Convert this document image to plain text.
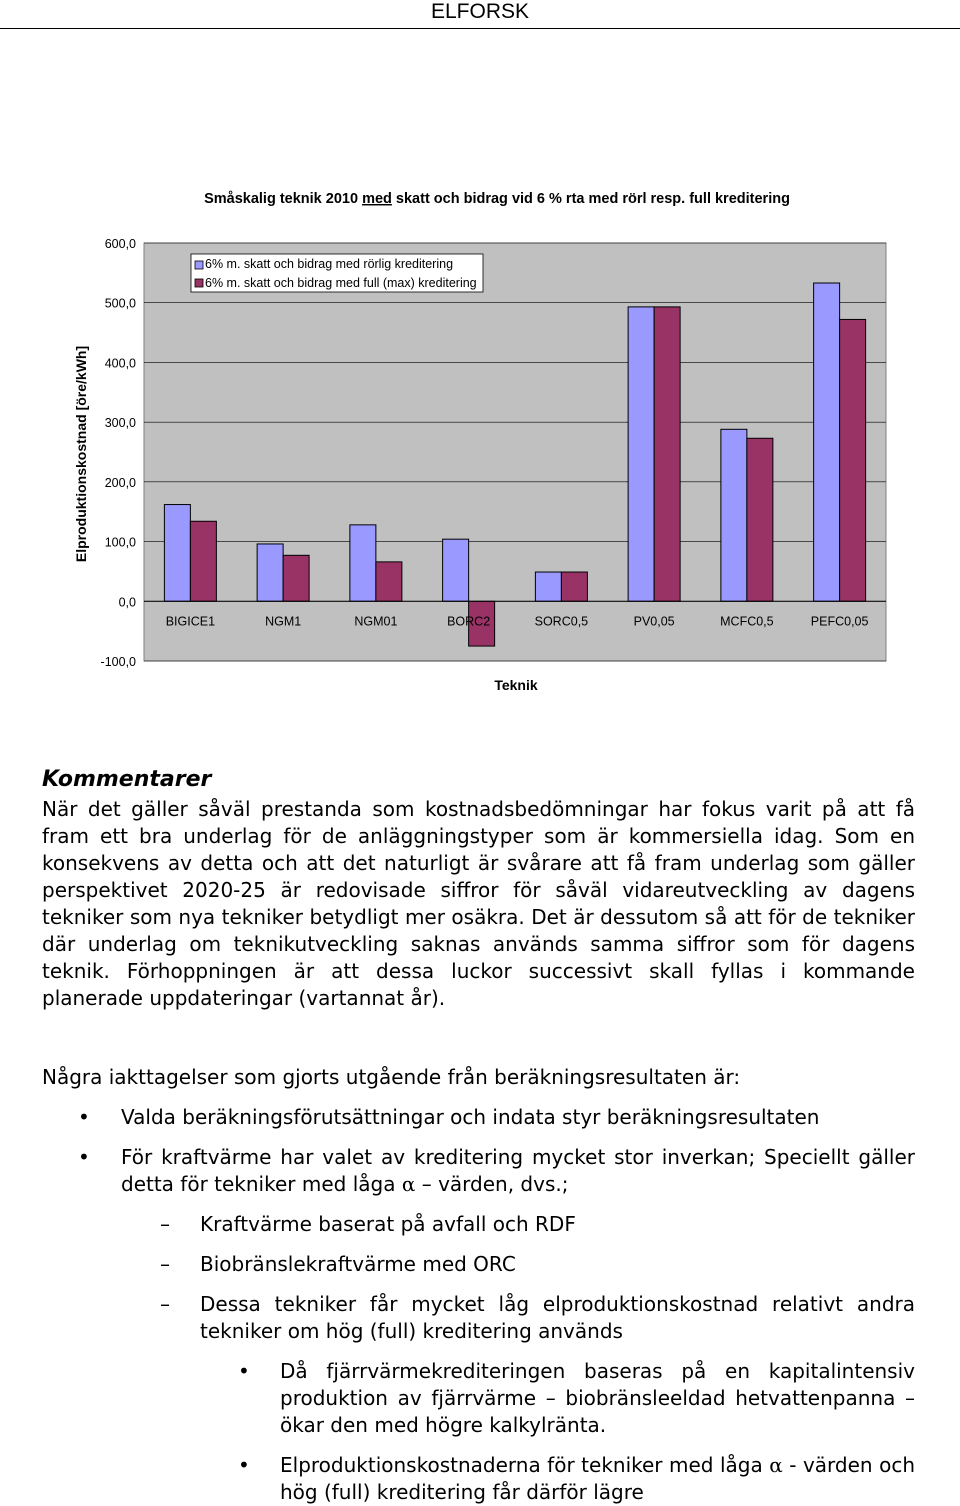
ELFORSK
Småskalig teknik 2010 med skatt och bidrag vid 6 % rta med rörl resp. full kreditering
-100,0
0,0
100,0
200,0
300,0
400,0
500,0
600,0
BIGICE1	NGM1	NGM01	BORC2	SORC0,5	PV0,05	MCFC0,5	PEFC0,05
6% m. skatt och bidrag med rörlig kreditering
6% m. skatt och bidrag med full (max) kreditering
Elproduktionskostnad [öre/kWh]
Teknik
Kommentarer
När det gäller såväl prestanda som kostnadsbedömningar har fokus varit på att få fram ett bra underlag för de anläggningstyper som är kommersiella idag. Som en konsekvens av detta och att det naturligt är svårare att få fram underlag som gäller perspektivet 2020-25 är redovisade siffror för såväl vidareutveckling av dagens tekniker som nya tekniker betydligt mer osäkra. Det är dessutom så att för de tekniker där underlag om teknikutveckling saknas används samma siffror som för dagens teknik. Förhoppningen är att dessa luckor successivt skall fyllas i kommande planerade uppdateringar (vartannat år).
Några iakttagelser som gjorts utgående från beräkningsresultaten är:
• Valda beräkningsförutsättningar och indata styr beräkningsresultaten
• För kraftvärme har valet av kreditering mycket stor inverkan; Speciellt gäller detta för tekniker med låga α – värden, dvs.;
– Kraftvärme baserat på avfall och RDF
– Biobränslekraftvärme med ORC
– Dessa tekniker får mycket låg elproduktionskostnad relativt andra tekniker om hög (full) kreditering används
• Då fjärrvärmekrediteringen baseras på en kapitalintensiv produktion av fjärrvärme – biobränsleeldad hetvattenpanna – ökar den med högre kalkylränta.
• Elproduktionskostnaderna för tekniker med låga α - värden och hög (full) kreditering får därför lägre
